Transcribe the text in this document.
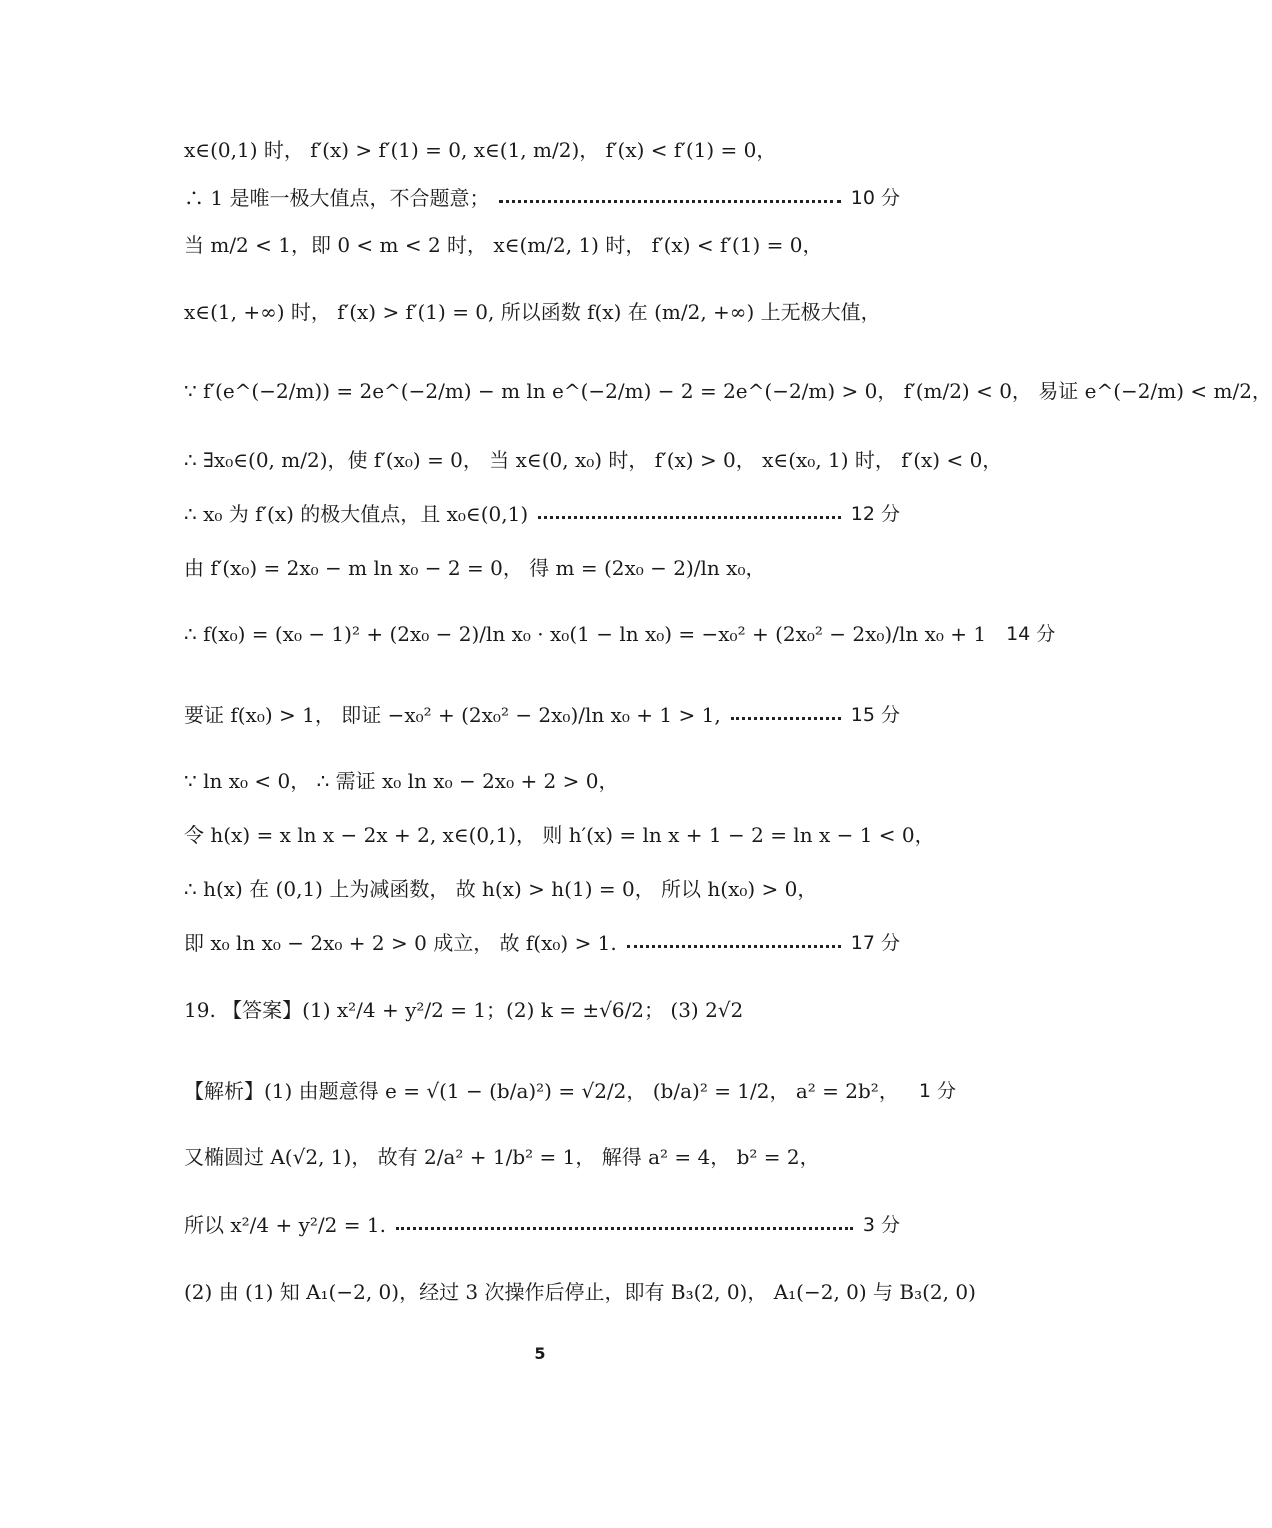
x∈(0,1) 时， f′(x) > f′(1) = 0, x∈(1, m/2)， f′(x) < f′(1) = 0，
∴ 1 是唯一极大值点，不合题意；	10 分
当 m/2 < 1，即 0 < m < 2 时， x∈(m/2, 1) 时， f′(x) < f′(1) = 0，
x∈(1, +∞) 时， f′(x) > f′(1) = 0, 所以函数 f(x) 在 (m/2, +∞) 上无极大值，
∵ f′(e^(−2/m)) = 2e^(−2/m) − m ln e^(−2/m) − 2 = 2e^(−2/m) > 0， f′(m/2) < 0， 易证 e^(−2/m) < m/2，
∴ ∃x₀∈(0, m/2)，使 f′(x₀) = 0， 当 x∈(0, x₀) 时， f′(x) > 0， x∈(x₀, 1) 时， f′(x) < 0，
∴ x₀ 为 f′(x) 的极大值点，且 x₀∈(0,1)	12 分
由 f′(x₀) = 2x₀ − m ln x₀ − 2 = 0， 得 m = (2x₀ − 2)/ln x₀，
∴ f(x₀) = (x₀ − 1)² + (2x₀ − 2)/ln x₀ · x₀(1 − ln x₀) = −x₀² + (2x₀² − 2x₀)/ln x₀ + 1 14 分
要证 f(x₀) > 1， 即证 −x₀² + (2x₀² − 2x₀)/ln x₀ + 1 > 1,	15 分
∵ ln x₀ < 0， ∴ 需证 x₀ ln x₀ − 2x₀ + 2 > 0，
令 h(x) = x ln x − 2x + 2, x∈(0,1)， 则 h′(x) = ln x + 1 − 2 = ln x − 1 < 0，
∴ h(x) 在 (0,1) 上为减函数， 故 h(x) > h(1) = 0， 所以 h(x₀) > 0，
即 x₀ ln x₀ − 2x₀ + 2 > 0 成立， 故 f(x₀) > 1.	17 分
19. 【答案】(1) x²/4 + y²/2 = 1；(2) k = ±√6/2； (3) 2√2
【解析】(1) 由题意得 e = √(1 − (b/a)²) = √2/2， (b/a)² = 1/2， a² = 2b²， 1 分
又椭圆过 A(√2, 1)， 故有 2/a² + 1/b² = 1， 解得 a² = 4， b² = 2，
所以 x²/4 + y²/2 = 1.	3 分
(2) 由 (1) 知 A₁(−2, 0)，经过 3 次操作后停止，即有 B₃(2, 0)， A₁(−2, 0) 与 B₃(2, 0)
5
